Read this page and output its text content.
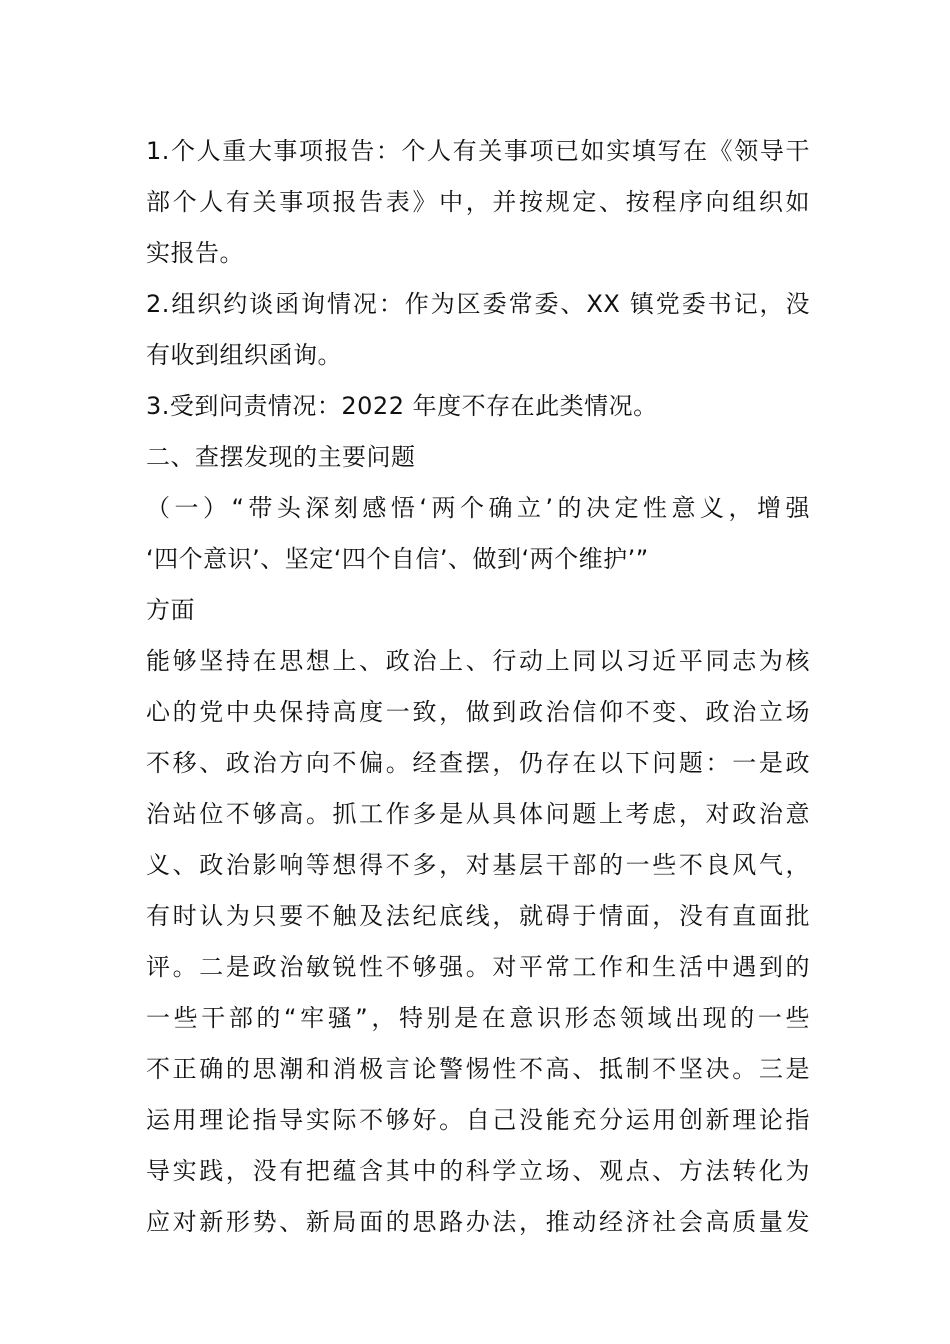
1.个人重大事项报告：个人有关事项已如实填写在《领导干
部个人有关事项报告表》中，并按规定、按程序向组织如
实报告。
2.组织约谈函询情况：作为区委常委、XX 镇党委书记，没
有收到组织函询。
3.受到问责情况：2022 年度不存在此类情况。
二、查摆发现的主要问题
（一）“带头深刻感悟‘两个确立’的决定性意义，增强
‘四个意识’、坚定‘四个自信’、做到‘两个维护’”
方面
能够坚持在思想上、政治上、行动上同以习近平同志为核
心的党中央保持高度一致，做到政治信仰不变、政治立场
不移、政治方向不偏。经查摆，仍存在以下问题：一是政
治站位不够高。抓工作多是从具体问题上考虑，对政治意
义、政治影响等想得不多，对基层干部的一些不良风气，
有时认为只要不触及法纪底线，就碍于情面，没有直面批
评。二是政治敏锐性不够强。对平常工作和生活中遇到的
一些干部的“牢骚”，特别是在意识形态领域出现的一些
不正确的思潮和消极言论警惕性不高、抵制不坚决。三是
运用理论指导实际不够好。自己没能充分运用创新理论指
导实践，没有把蕴含其中的科学立场、观点、方法转化为
应对新形势、新局面的思路办法，推动经济社会高质量发
